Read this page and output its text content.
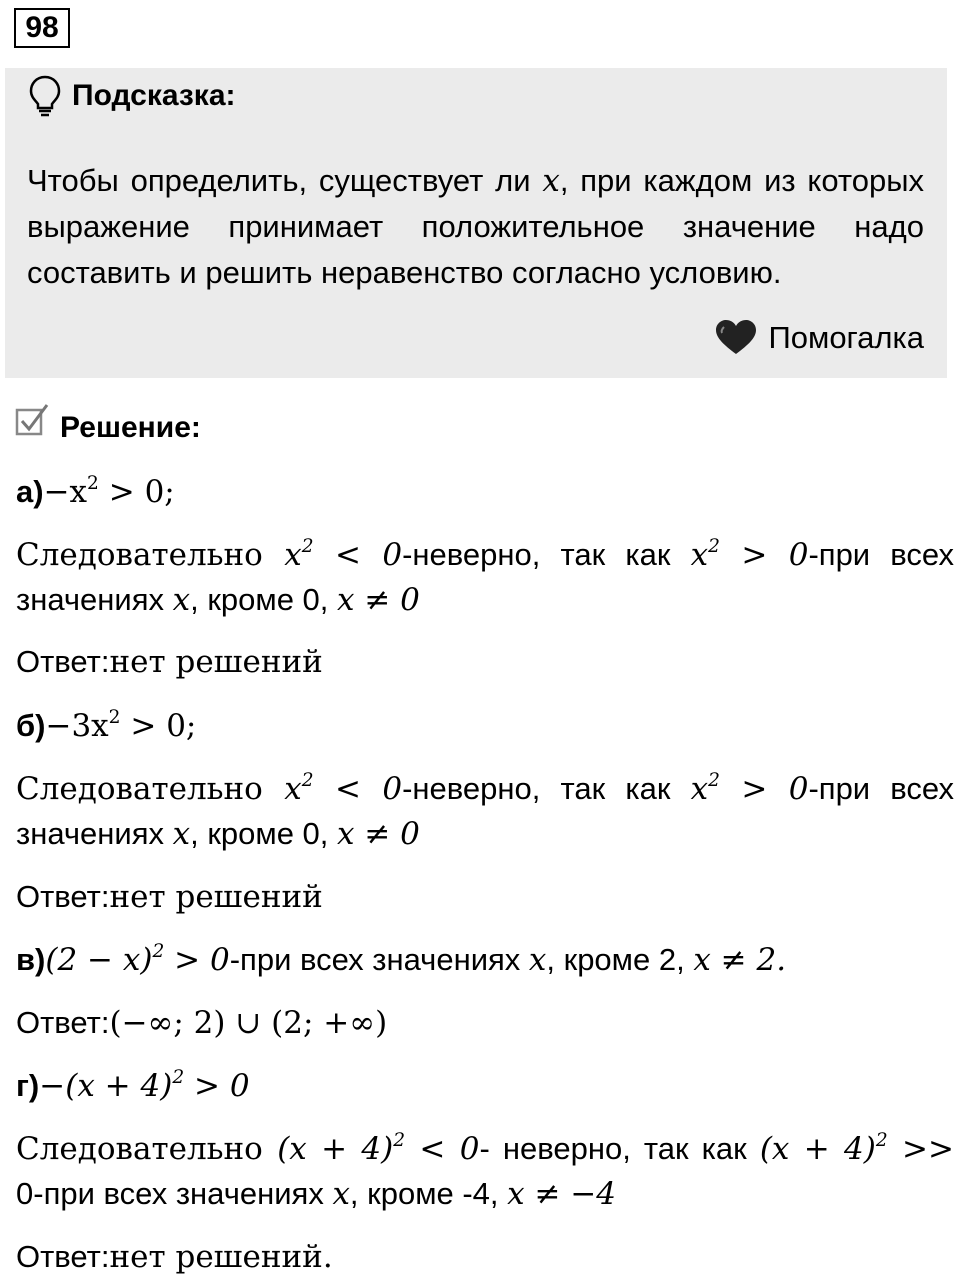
98
Подсказка:
Чтобы определить, существует ли x, при каждом из которых выражение принимает положительное значение надо составить и решить неравенство согласно условию.
Помогалка
Решение:
$а)-x^2 > 0$;
Следовательно $x^2$ < 0-неверно, так как $x^2 > 0-при$ всех
значениях x, кроме 0, x ≠ 0
Ответ:нет решений
$б)-3x^2 > 0$;
Следовательно $x^2$ < 0-неверно, так как $x^2 > 0-при$ всех
значениях x, кроме 0, x ≠ 0
Ответ:нет решений
$в)(2 - x)^2 > 0-при$ всех значениях x, кроме 2, x ≠ 2.
Ответ:(−∞; 2) ∪ (2; +∞)
$г)-(x + 4)^2 > 0$
Следовательно $(x + 4)^2 < 0-$ неверно, так как $(x + 4)^2$ >>
0-при всех значениях x, кроме -4, x ≠ −4
Ответ:нет решений.
